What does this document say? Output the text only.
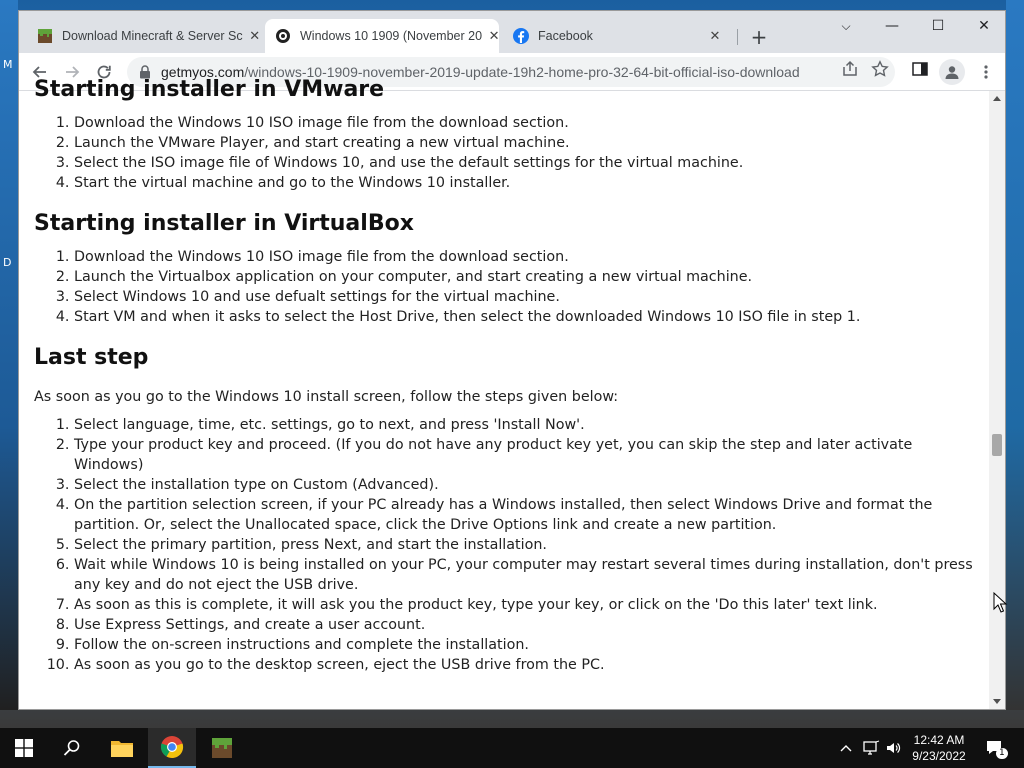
M
D
Download Minecraft & Server Sc ✕	Windows 10 1909 (November 20 ✕	Facebook	✕ +	⌵	—	☐	✕
getmyos.com/windows-10-1909-november-2019-update-19h2-home-pro-32-64-bit-official-iso-download
Starting installer in VMware
1. Download the Windows 10 ISO image file from the download section.
2. Launch the VMware Player, and start creating a new virtual machine.
3. Select the ISO image file of Windows 10, and use the default settings for the virtual machine.
4. Start the virtual machine and go to the Windows 10 installer.
Starting installer in VirtualBox
1. Download the Windows 10 ISO image file from the download section.
2. Launch the Virtualbox application on your computer, and start creating a new virtual machine.
3. Select Windows 10 and use defualt settings for the virtual machine.
4. Start VM and when it asks to select the Host Drive, then select the downloaded Windows 10 ISO file in step 1.
Last step

As soon as you go to the Windows 10 install screen, follow the steps given below:

1. Select language, time, etc. settings, go to next, and press 'Install Now'.
2. Type your product key and proceed. (If you do not have any product key yet, you can skip the step and later activate Windows)
3. Select the installation type on Custom (Advanced).
4. On the partition selection screen, if your PC already has a Windows installed, then select Windows Drive and format the partition. Or, select the Unallocated space, click the Drive Options link and create a new partition.
5. Select the primary partition, press Next, and start the installation.
6. Wait while Windows 10 is being installed on your PC, your computer may restart several times during installation, don't press any key and do not eject the USB drive.
7. As soon as this is complete, it will ask you the product key, type your key, or click on the 'Do this later' text link.
8. Use Express Settings, and create a user account.
9. Follow the on-screen instructions and complete the installation.
10. As soon as you go to the desktop screen, eject the USB drive from the PC.
12:42 AM
9/23/2022	1
